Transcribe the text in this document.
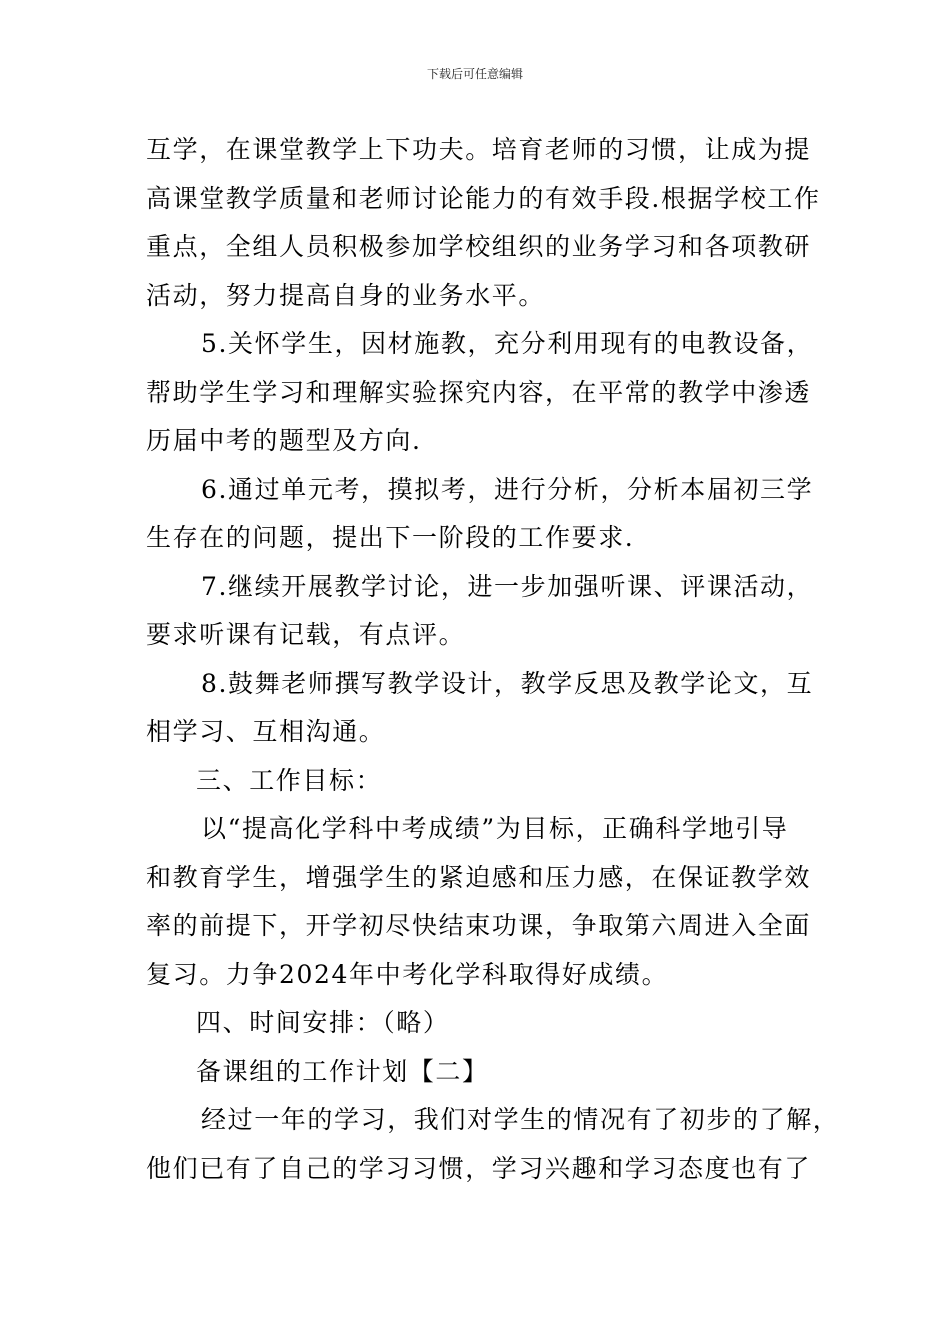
下载后可任意编辑
互学，在课堂教学上下功夫。培育老师的习惯，让成为提
高课堂教学质量和老师讨论能力的有效手段.根据学校工作
重点，全组人员积极参加学校组织的业务学习和各项教研
活动，努力提高自身的业务水平。
5.关怀学生，因材施教，充分利用现有的电教设备，
帮助学生学习和理解实验探究内容，在平常的教学中渗透
历届中考的题型及方向.
6.通过单元考，摸拟考，进行分析，分析本届初三学
生存在的问题，提出下一阶段的工作要求.
7.继续开展教学讨论，进一步加强听课、评课活动，
要求听课有记载，有点评。
8.鼓舞老师撰写教学设计，教学反思及教学论文，互
相学习、互相沟通。
三、工作目标：
以“提高化学科中考成绩”为目标，正确科学地引导
和教育学生，增强学生的紧迫感和压力感，在保证教学效
率的前提下，开学初尽快结束功课，争取第六周进入全面
复习。力争2024年中考化学科取得好成绩。
四、时间安排：（略）
备课组的工作计划【二】
经过一年的学习，我们对学生的情况有了初步的了解，
他们已有了自己的学习习惯，学习兴趣和学习态度也有了
